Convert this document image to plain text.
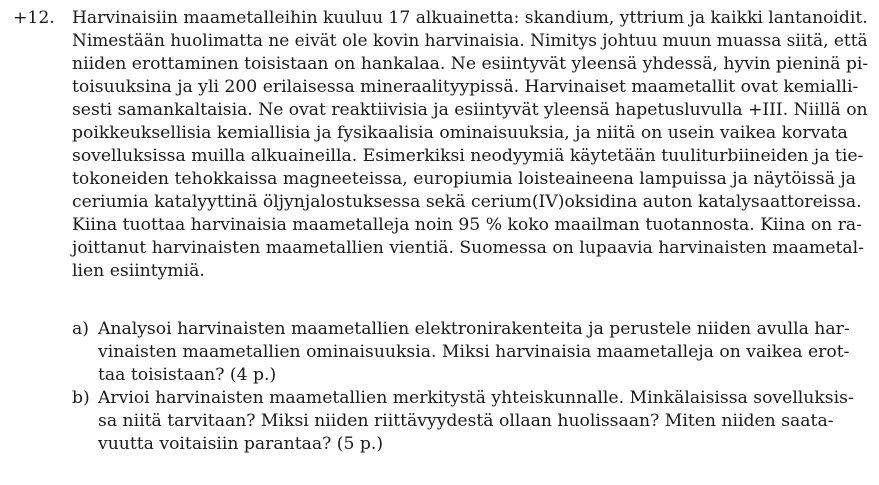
+12. Harvinaisiin maametalleihin kuuluu 17 alkuainetta: skandium, yttrium ja kaikki lantanoidit.
Nimestään huolimatta ne eivät ole kovin harvinaisia. Nimitys johtuu muun muassa siitä, että
niiden erottaminen toisistaan on hankalaa. Ne esiintyvät yleensä yhdessä, hyvin pieninä pi-
toisuuksina ja yli 200 erilaisessa mineraalityypissä. Harvinaiset maametallit ovat kemialli-
sesti samankaltaisia. Ne ovat reaktiivisia ja esiintyvät yleensä hapetusluvulla +III. Niillä on
poikkeuksellisia kemiallisia ja fysikaalisia ominaisuuksia, ja niitä on usein vaikea korvata
sovelluksissa muilla alkuaineilla. Esimerkiksi neodyymiä käytetään tuuliturbiineiden ja tie-
tokoneiden tehokkaissa magneeteissa, europiumia loisteaineena lampuissa ja näytöissä ja
ceriumia katalyyttinä öljynjalostuksessa sekä cerium(IV)oksidina auton katalysaattoreissa.
Kiina tuottaa harvinaisia maametalleja noin 95 % koko maailman tuotannosta. Kiina on ra-
joittanut harvinaisten maametallien vientiä. Suomessa on lupaavia harvinaisten maametal-
lien esiintymiä.
a) Analysoi harvinaisten maametallien elektronirakenteita ja perustele niiden avulla har-
vinaisten maametallien ominaisuuksia. Miksi harvinaisia maametalleja on vaikea erot-
taa toisistaan? (4 p.)
b) Arvioi harvinaisten maametallien merkitystä yhteiskunnalle. Minkälaisissa sovelluksis-
sa niitä tarvitaan? Miksi niiden riittävyydestä ollaan huolissaan? Miten niiden saata-
vuutta voitaisiin parantaa? (5 p.)
